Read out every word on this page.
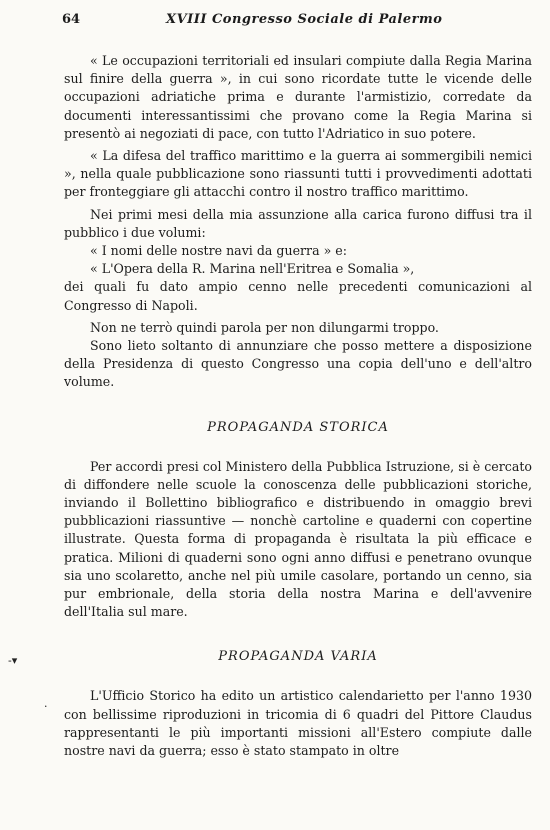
64	XVIII Congresso Sociale di Palermo

« Le occupazioni territoriali ed insulari compiute dalla Regia Marina sul finire della guerra », in cui sono ricordate tutte le vicende delle occupazioni adriatiche prima e durante l'armistizio, corredate da documenti interessantissimi che provano come la Regia Marina si presentò ai negoziati di pace, con tutto l'Adriatico in suo potere.

« La difesa del traffico marittimo e la guerra ai sommergibili nemici », nella quale pubblicazione sono riassunti tutti i provvedimenti adottati per fronteggiare gli attacchi contro il nostro traffico marittimo.

Nei primi mesi della mia assunzione alla carica furono diffusi tra il pubblico i due volumi:

« I nomi delle nostre navi da guerra » e:

« L'Opera della R. Marina nell'Eritrea e Somalia »,

dei quali fu dato ampio cenno nelle precedenti comunicazioni al Congresso di Napoli.

Non ne terrò quindi parola per non dilungarmi troppo.

Sono lieto soltanto di annunziare che posso mettere a disposizione della Presidenza di questo Congresso una copia dell'uno e dell'altro volume.

PROPAGANDA STORICA

Per accordi presi col Ministero della Pubblica Istruzione, si è cercato di diffondere nelle scuole la conoscenza delle pubblicazioni storiche, inviando il Bollettino bibliografico e distribuendo in omaggio brevi pubblicazioni riassuntive — nonchè cartoline e quaderni con copertine illustrate. Questa forma di propaganda è risultata la più efficace e pratica. Milioni di quaderni sono ogni anno diffusi e penetrano ovunque sia uno scolaretto, anche nel più umile casolare, portando un cenno, sia pur embrionale, della storia della nostra Marina e dell'avvenire dell'Italia sul mare.

PROPAGANDA VARIA

L'Ufficio Storico ha edito un artistico calendarietto per l'anno 1930 con bellissime riproduzioni in tricomia di 6 quadri del Pittore Claudus rappresentanti le più importanti missioni all'Estero compiute dalle nostre navi da guerra; esso è stato stampato in oltre

-▾
·
